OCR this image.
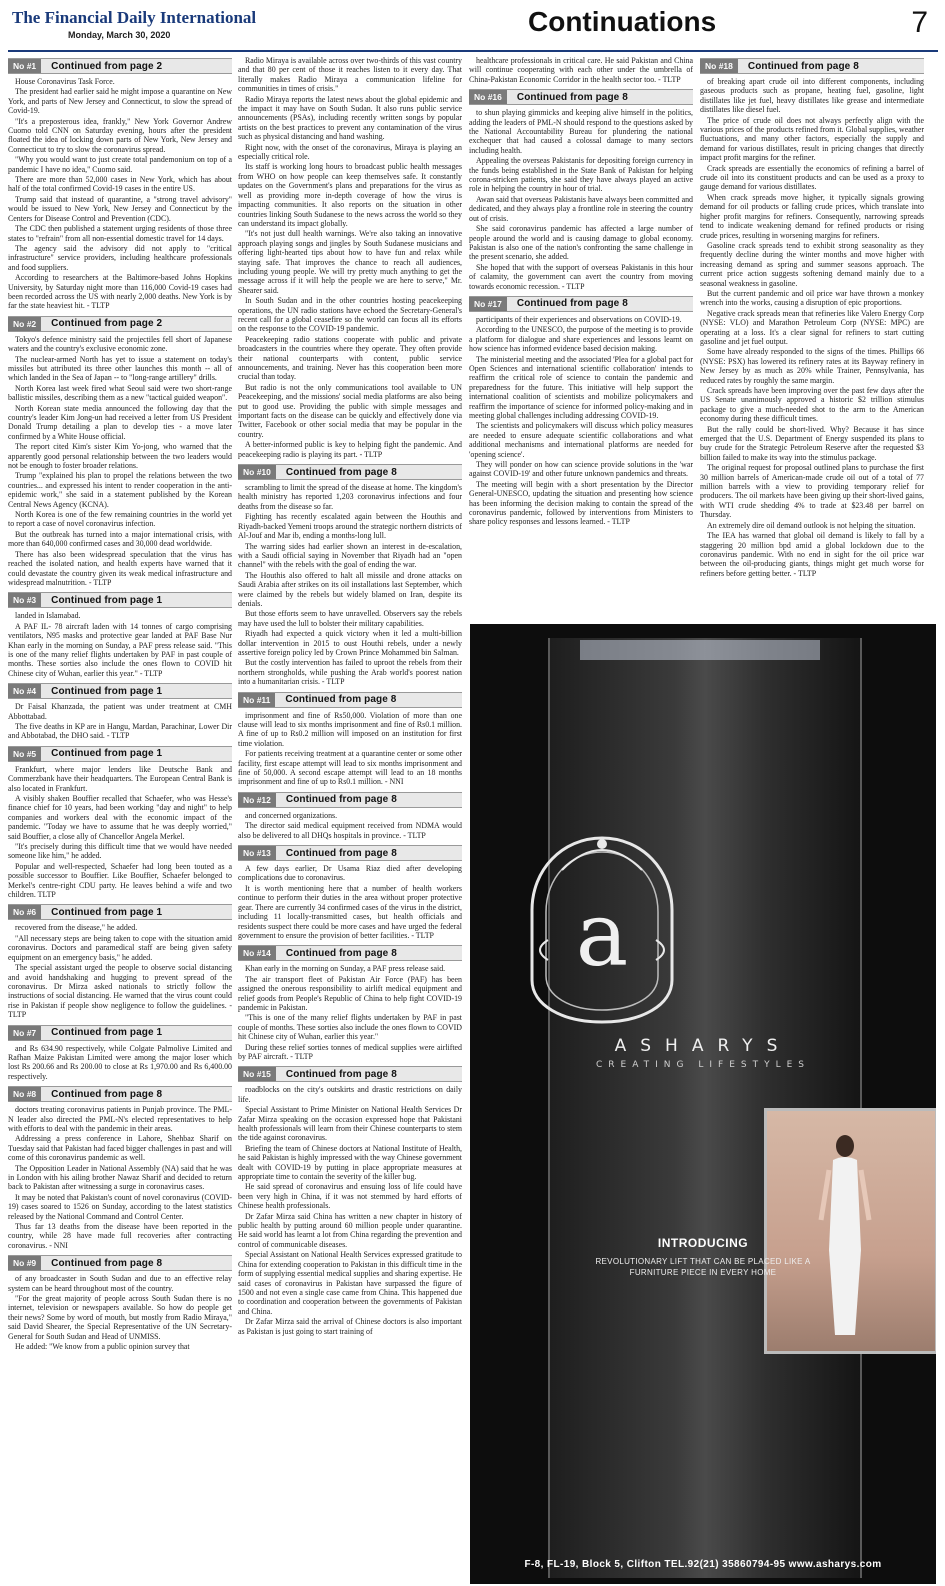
The Financial Daily International
Monday, March 30, 2020	Continuations	7
No #1	Continued from page 2

House Coronavirus Task Force.

The president had earlier said he might impose a quarantine on New York, and parts of New Jersey and Connecticut, to slow the spread of Covid-19.

"It's a preposterous idea, frankly," New York Governor Andrew Cuomo told CNN on Saturday evening, hours after the president floated the idea of locking down parts of New York, New Jersey and Connecticut to try to slow the coronavirus spread.

"Why you would want to just create total pandemonium on top of a pandemic I have no idea," Cuomo said.

There are more than 52,000 cases in New York, which has about half of the total confirmed Covid-19 cases in the entire US.

Trump said that instead of quarantine, a "strong travel advisory" would be issued to New York, New Jersey and Connecticut by the Centers for Disease Control and Prevention (CDC).

The CDC then published a statement urging residents of those three states to "refrain" from all non-essential domestic travel for 14 days.

The agency said the advisory did not apply to "critical infrastructure" service providers, including healthcare professionals and food suppliers.

According to researchers at the Baltimore-based Johns Hopkins University, by Saturday night more than 116,000 Covid-19 cases had been recorded across the US with nearly 2,000 deaths. New York is by far the state heaviest hit. - TLTP

No #2	Continued from page 2

Tokyo's defence ministry said the projectiles fell short of Japanese waters and the country's exclusive economic zone.

The nuclear-armed North has yet to issue a statement on today's missiles but attributed its three other launches this month -- all of which landed in the Sea of Japan -- to "long-range artillery" drills.

North Korea last week fired what Seoul said were two short-range ballistic missiles, describing them as a new "tactical guided weapon".

North Korean state media announced the following day that the country's leader Kim Jong-un had received a letter from US President Donald Trump detailing a plan to develop ties - a move later confirmed by a White House official.

The report cited Kim's sister Kim Yo-jong, who warned that the apparently good personal relationship between the two leaders would not be enough to foster broader relations.

Trump "explained his plan to propel the relations between the two countries... and expressed his intent to render cooperation in the anti-epidemic work," she said in a statement published by the Korean Central News Agency (KCNA).

North Korea is one of the few remaining countries in the world yet to report a case of novel coronavirus infection.

But the outbreak has turned into a major international crisis, with more than 640,000 confirmed cases and 30,000 dead worldwide.

There has also been widespread speculation that the virus has reached the isolated nation, and health experts have warned that it could devastate the country given its weak medical infrastructure and widespread malnutrition. - TLTP

No #3	Continued from page 1

landed in Islamabad.

A PAF IL- 78 aircraft laden with 14 tonnes of cargo comprising ventilators, N95 masks and protective gear landed at PAF Base Nur Khan early in the morning on Sunday, a PAF press release said. "This is one of the many relief flights undertaken by PAF in past couple of months. These sorties also include the ones flown to COVID hit Chinese city of Wuhan, earlier this year." - TLTP

No #4	Continued from page 1

Dr Faisal Khanzada, the patient was under treatment at CMH Abbottabad.

The five deaths in KP are in Hangu, Mardan, Parachinar, Lower Dir and Abbotabad, the DHO said. - TLTP

No #5	Continued from page 1

Frankfurt, where major lenders like Deutsche Bank and Commerzbank have their headquarters. The European Central Bank is also located in Frankfurt.

A visibly shaken Bouffier recalled that Schaefer, who was Hesse's finance chief for 10 years, had been working "day and night" to help companies and workers deal with the economic impact of the pandemic. "Today we have to assume that he was deeply worried," said Bouffier, a close ally of Chancellor Angela Merkel.

"It's precisely during this difficult time that we would have needed someone like him," he added.

Popular and well-respected, Schaefer had long been touted as a possible successor to Bouffier. Like Bouffier, Schaefer belonged to Merkel's centre-right CDU party. He leaves behind a wife and two children. TLTP

No #6	Continued from page 1

recovered from the disease," he added.

"All necessary steps are being taken to cope with the situation amid coronavirus. Doctors and paramedical staff are being given safety equipment on an emergency basis," he added.

The special assistant urged the people to observe social distancing and avoid handshaking and hugging to prevent spread of the coronavirus. Dr Mirza asked nationals to strictly follow the instructions of social distancing. He warned that the virus count could rise in Pakistan if people show negligence to follow the guidelines. - TLTP

No #7	Continued from page 1

and Rs 634.90 respectively, while Colgate Palmolive Limited and Rafhan Maize Pakistan Limited were among the major loser which lost Rs 200.66 and Rs 200.00 to close at Rs 1,970.00 and Rs 6,400.00 respectively.

No #8	Continued from page 8

doctors treating coronavirus patients in Punjab province. The PML-N leader also directed the PML-N's elected representatives to help with efforts to deal with the pandemic in their areas.

Addressing a press conference in Lahore, Shehbaz Sharif on Tuesday said that Pakistan had faced bigger challenges in past and will come of this coronavirus pandemic as well.

The Opposition Leader in National Assembly (NA) said that he was in London with his ailing brother Nawaz Sharif and decided to return back to Pakistan after witnessing a surge in coronavirus cases.

It may be noted that Pakistan's count of novel coronavirus (COVID-19) cases soared to 1526 on Sunday, according to the latest statistics released by the National Command and Control Center.

Thus far 13 deaths from the disease have been reported in the country, while 28 have made full recoveries after contracting coronavirus. - NNI

No #9	Continued from page 8

of any broadcaster in South Sudan and due to an effective relay system can be heard throughout most of the country.

"For the great majority of people across South Sudan there is no internet, television or newspapers available. So how do people get their news? Some by word of mouth, but mostly from Radio Miraya," said David Shearer, the Special Representative of the UN Secretary-General for South Sudan and Head of UNMISS.

He added: "We know from a public opinion survey that

Radio Miraya is available across over two-thirds of this vast country and that 80 per cent of those it reaches listen to it every day. That literally makes Radio Miraya a communication lifeline for communities in times of crisis."

Radio Miraya reports the latest news about the global epidemic and the impact it may have on South Sudan. It also runs public service announcements (PSAs), including recently written songs by popular artists on the best practices to prevent any contamination of the virus such as physical distancing and hand washing.

Right now, with the onset of the coronavirus, Miraya is playing an especially critical role.

Its staff is working long hours to broadcast public health messages from WHO on how people can keep themselves safe. It constantly updates on the Government's plans and preparations for the virus as well as providing more in-depth coverage of how the virus is impacting communities. It also reports on the situation in other countries linking South Sudanese to the news across the world so they can understand its impact globally.

"It's not just dull health warnings. We're also taking an innovative approach playing songs and jingles by South Sudanese musicians and offering light-hearted tips about how to have fun and relax while staying safe. That improves the chance to reach all audiences, including young people. We will try pretty much anything to get the message across if it will help the people we are here to serve," Mr. Shearer said.

In South Sudan and in the other countries hosting peacekeeping operations, the UN radio stations have echoed the Secretary-General's recent call for a global ceasefire so the world can focus all its efforts on the response to the COVID-19 pandemic.

Peacekeeping radio stations cooperate with public and private broadcasters in the countries where they operate. They often provide their national counterparts with content, public service announcements, and training. Never has this cooperation been more crucial than today.

But radio is not the only communications tool available to UN Peacekeeping, and the missions' social media platforms are also being put to good use. Providing the public with simple messages and important facts on the disease can be quickly and effectively done via Twitter, Facebook or other social media that may be popular in the country.

A better-informed public is key to helping fight the pandemic. And peacekeeping radio is playing its part. - TLTP

No #10	Continued from page 8

scrambling to limit the spread of the disease at home. The kingdom's health ministry has reported 1,203 coronavirus infections and four deaths from the disease so far.

Fighting has recently escalated again between the Houthis and Riyadh-backed Yemeni troops around the strategic northern districts of Al-Jouf and Mar ib, ending a months-long lull.

The warring sides had earlier shown an interest in de-escalation, with a Saudi official saying in November that Riyadh had an "open channel" with the rebels with the goal of ending the war.

The Houthis also offered to halt all missile and drone attacks on Saudi Arabia after strikes on its oil installations last September, which were claimed by the rebels but widely blamed on Iran, despite its denials.

But those efforts seem to have unravelled. Observers say the rebels may have used the lull to bolster their military capabilities.

Riyadh had expected a quick victory when it led a multi-billion dollar intervention in 2015 to oust Houthi rebels, under a newly assertive foreign policy led by Crown Prince Mohammed bin Salman.

But the costly intervention has failed to uproot the rebels from their northern strongholds, while pushing the Arab world's poorest nation into a humanitarian crisis. - TLTP

No #11	Continued from page 8

imprisonment and fine of Rs50,000. Violation of more than one clause will lead to six months imprisonment and fine of Rs0.1 million. A fine of up to Rs0.2 million will imposed on an institution for first time violation.

For patients receiving treatment at a quarantine center or some other facility, first escape attempt will lead to six months imprisonment and fine of 50,000. A second escape attempt will lead to an 18 months imprisonment and fine of up to Rs0.1 million. - NNI

No #12	Continued from page 8

and concerned organizations.

The director said medical equipment received from NDMA would also be delivered to all DHQs hospitals in province. - TLTP

No #13	Continued from page 8

A few days earlier, Dr Usama Riaz died after developing complications due to coronavirus.

It is worth mentioning here that a number of health workers continue to perform their duties in the area without proper protective gear. There are currently 34 confirmed cases of the virus in the district, including 11 locally-transmitted cases, but health officials and residents suspect there could be more cases and have urged the federal government to ensure the provision of better facilities. - TLTP

No #14	Continued from page 8

Khan early in the morning on Sunday, a PAF press release said.

The air transport fleet of Pakistan Air Force (PAF) has been assigned the onerous responsibility to airlift medical equipment and relief goods from People's Republic of China to help fight COVID-19 pandemic in Pakistan.

"This is one of the many relief flights undertaken by PAF in past couple of months. These sorties also include the ones flown to COVID hit Chinese city of Wuhan, earlier this year."

During these relief sorties tonnes of medical supplies were airlifted by PAF aircraft. - TLTP

No #15	Continued from page 8

roadblocks on the city's outskirts and drastic restrictions on daily life.

Special Assistant to Prime Minister on National Health Services Dr Zafar Mirza speaking on the occasion expressed hope that Pakistani health professionals will learn from their Chinese counterparts to stem the tide against coronavirus.

Briefing the team of Chinese doctors at National Institute of Health, he said Pakistan is highly impressed with the way Chinese government dealt with COVID-19 by putting in place appropriate measures at appropriate time to contain the severity of the killer bug.

He said spread of coronavirus and ensuing loss of life could have been very high in China, if it was not stemmed by hard efforts of Chinese health professionals.

Dr Zafar Mirza said China has written a new chapter in history of public health by putting around 60 million people under quarantine. He said world has learnt a lot from China regarding the prevention and control of communicable diseases.

Special Assistant on National Health Services expressed gratitude to China for extending cooperation to Pakistan in this difficult time in the form of supplying essential medical supplies and sharing expertise. He said cases of coronavirus in Pakistan have surpassed the figure of 1500 and not even a single case came from China. This happened due to coordination and cooperation between the governments of Pakistan and China.

Dr Zafar Mirza said the arrival of Chinese doctors is also important as Pakistan is just going to start training of

healthcare professionals in critical care. He said Pakistan and China will continue cooperating with each other under the umbrella of China-Pakistan Economic Corridor in the health sector too. - TLTP

No #16	Continued from page 8

to shun playing gimmicks and keeping alive himself in the politics, adding the leaders of PML-N should respond to the questions asked by the National Accountability Bureau for plundering the national exchequer that had caused a colossal damage to many sectors including health.

Appealing the overseas Pakistanis for depositing foreign currency in the funds being established in the State Bank of Pakistan for helping corona-stricken patients, she said they have always played an active role in helping the country in hour of trial.

Awan said that overseas Pakistanis have always been committed and dedicated, and they always play a frontline role in steering the country out of crisis.

She said coronavirus pandemic has affected a large number of people around the world and is causing damage to global economy. Pakistan is also one of the nation's confronting the same challenge in the present scenario, she added.

She hoped that with the support of overseas Pakistanis in this hour of calamity, the government can avert the country from moving towards economic recession. - TLTP

No #17	Continued from page 8

participants of their experiences and observations on COVID-19.

According to the UNESCO, the purpose of the meeting is to provide a platform for dialogue and share experiences and lessons learnt on how science has informed evidence based decision making.

The ministerial meeting and the associated 'Plea for a global pact for Open Sciences and international scientific collaboration' intends to reaffirm the critical role of science to contain the pandemic and preparedness for the future. This initiative will help support the international coalition of scientists and mobilize policymakers and reaffirm the importance of science for informed policy-making and in meeting global challenges including addressing COVID-19.

The scientists and policymakers will discuss which policy measures are needed to ensure adequate scientific collaborations and what additional mechanisms and international platforms are needed for 'opening science'.

They will ponder on how can science provide solutions in the 'war against COVID-19' and other future unknown pandemics and threats.

The meeting will begin with a short presentation by the Director General-UNESCO, updating the situation and presenting how science has been informing the decision making to contain the spread of the coronavirus pandemic, followed by interventions from Ministers to share policy responses and lessons learned. - TLTP

No #18	Continued from page 8

of breaking apart crude oil into different components, including gaseous products such as propane, heating fuel, gasoline, light distillates like jet fuel, heavy distillates like grease and intermediate distillates like diesel fuel.

The price of crude oil does not always perfectly align with the various prices of the products refined from it. Global supplies, weather fluctuations, and many other factors, especially the supply and demand for various distillates, result in pricing changes that directly impact profit margins for the refiner.

Crack spreads are essentially the economics of refining a barrel of crude oil into its constituent products and can be used as a proxy to gauge demand for various distillates.

When crack spreads move higher, it typically signals growing demand for oil products or falling crude prices, which translate into higher profit margins for refiners. Consequently, narrowing spreads tend to indicate weakening demand for refined products or rising crude prices, resulting in worsening margins for refiners.

Gasoline crack spreads tend to exhibit strong seasonality as they frequently decline during the winter months and move higher with increasing demand as spring and summer seasons approach. The current price action suggests softening demand mainly due to a seasonal weakness in gasoline.

But the current pandemic and oil price war have thrown a monkey wrench into the works, causing a disruption of epic proportions.

Negative crack spreads mean that refineries like Valero Energy Corp (NYSE: VLO) and Marathon Petroleum Corp (NYSE: MPC) are operating at a loss. It's a clear signal for refiners to start cutting gasoline and jet fuel output.

Some have already responded to the signs of the times. Phillips 66 (NYSE: PSX) has lowered its refinery rates at its Bayway refinery in New Jersey by as much as 20% while Trainer, Pennsylvania, has reduced rates by roughly the same margin.

Crack spreads have been improving over the past few days after the US Senate unanimously approved a historic $2 trillion stimulus package to give a much-needed shot to the arm to the American economy during these difficult times.

But the rally could be short-lived. Why? Because it has since emerged that the U.S. Department of Energy suspended its plans to buy crude for the Strategic Petroleum Reserve after the requested $3 billion failed to make its way into the stimulus package.

The original request for proposal outlined plans to purchase the first 30 million barrels of American-made crude oil out of a total of 77 million barrels with a view to providing temporary relief for producers. The oil markets have been giving up their short-lived gains, with WTI crude shedding 4% to trade at $23.48 per barrel on Thursday.

An extremely dire oil demand outlook is not helping the situation.

The IEA has warned that global oil demand is likely to fall by a staggering 20 million bpd amid a global lockdown due to the coronavirus pandemic. With no end in sight for the oil price war between the oil-producing giants, things might get much worse for refiners before getting better. - TLTP

a
ASHARYS
CREATING LIFESTYLES
INTRODUCING
REVOLUTIONARY LIFT THAT CAN BE PLACED LIKE A
FURNITURE PIECE IN EVERY HOME
F-8, FL-19, Block 5, Clifton TEL.92(21) 35860794-95 www.asharys.com
